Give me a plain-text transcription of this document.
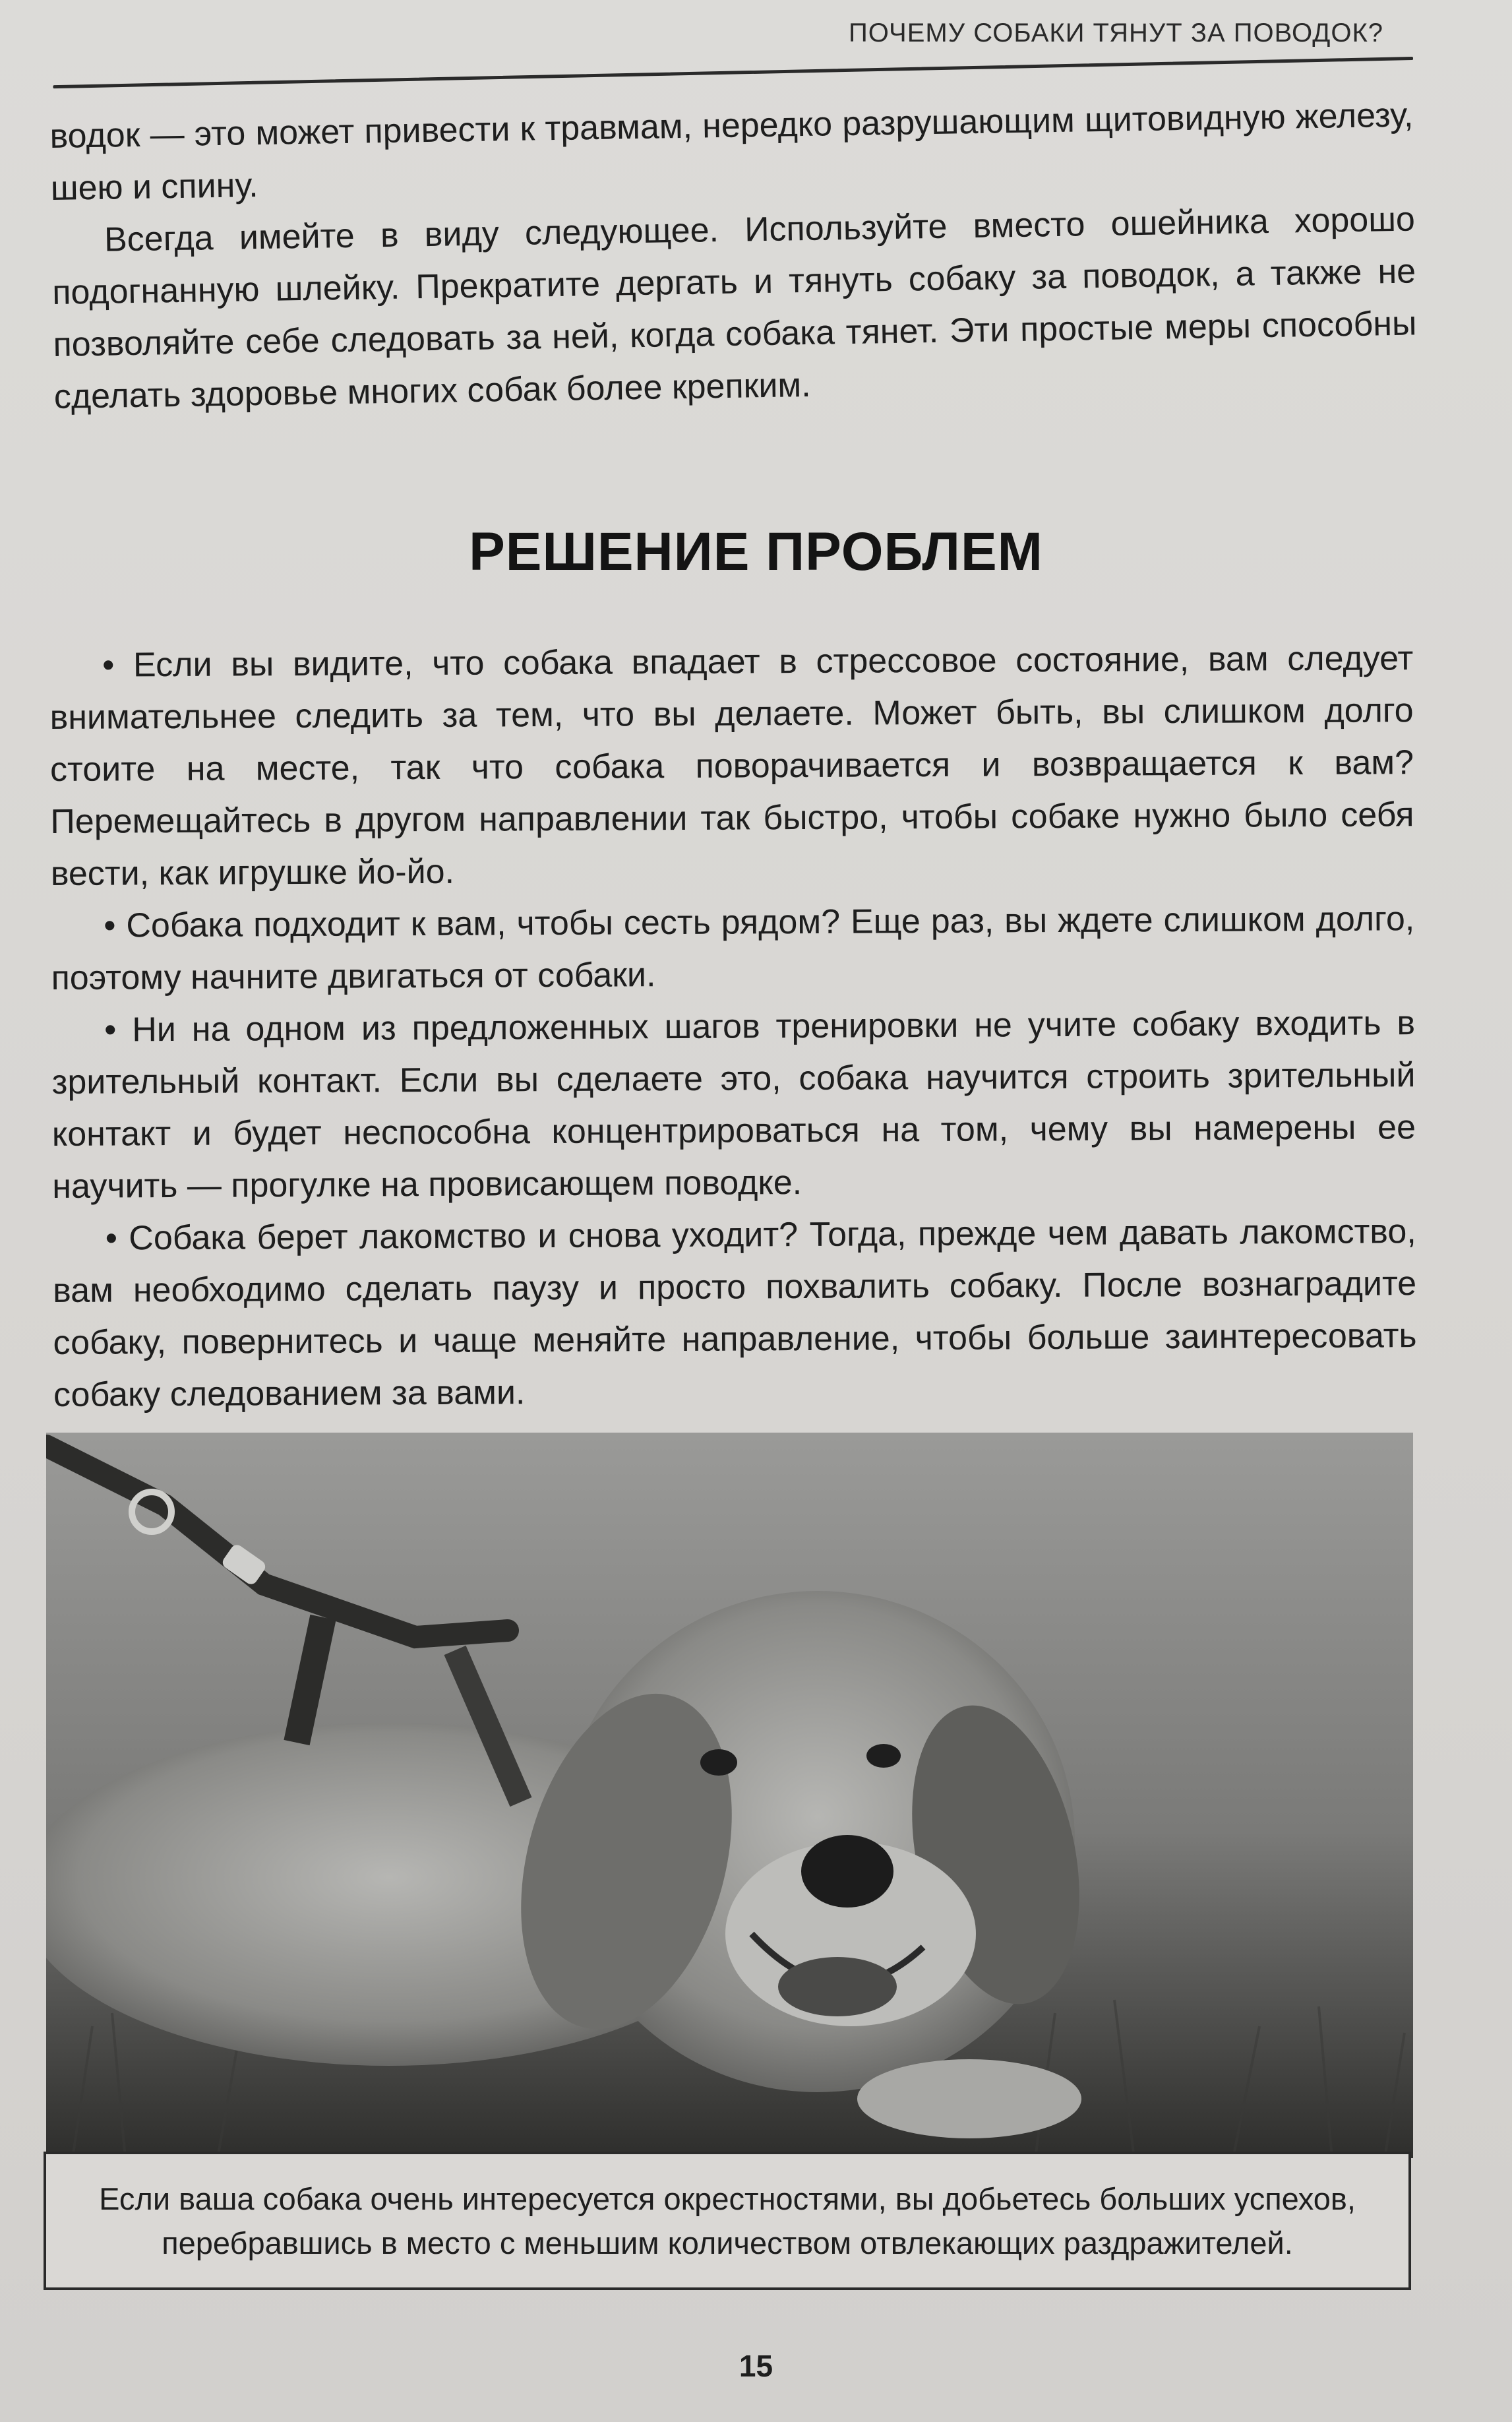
ПОЧЕМУ СОБАКИ ТЯНУТ ЗА ПОВОДОК?

водок — это может привести к травмам, нередко разрушающим щитовидную железу, шею и спину.

Всегда имейте в виду следующее. Используйте вместо ошейника хорошо подогнанную шлейку. Прекратите дергать и тянуть собаку за поводок, а также не позволяйте себе следовать за ней, когда собака тянет. Эти простые меры способны сделать здоровье многих собак более крепким.

РЕШЕНИЕ ПРОБЛЕМ

• Если вы видите, что собака впадает в стрессовое состояние, вам следует внимательнее следить за тем, что вы делаете. Может быть, вы слишком долго стоите на месте, так что собака поворачивается и возвращается к вам? Перемещайтесь в другом направлении так быстро, чтобы собаке нужно было себя вести, как игрушке йо-йо.

• Собака подходит к вам, чтобы сесть рядом? Еще раз, вы ждете слишком долго, поэтому начните двигаться от собаки.

• Ни на одном из предложенных шагов тренировки не учите собаку входить в зрительный контакт. Если вы сделаете это, собака научится строить зрительный контакт и будет неспособна концентрироваться на том, чему вы намерены ее научить — прогулке на провисающем поводке.

• Собака берет лакомство и снова уходит? Тогда, прежде чем давать лакомство, вам необходимо сделать паузу и просто похвалить собаку. После вознаградите собаку, повернитесь и чаще меняйте направление, чтобы больше заинтересовать собаку следованием за вами.

Если ваша собака очень интересуется окрестностями, вы добьетесь больших успехов, перебравшись в место с меньшим количеством отвлекающих раздражителей.
15
